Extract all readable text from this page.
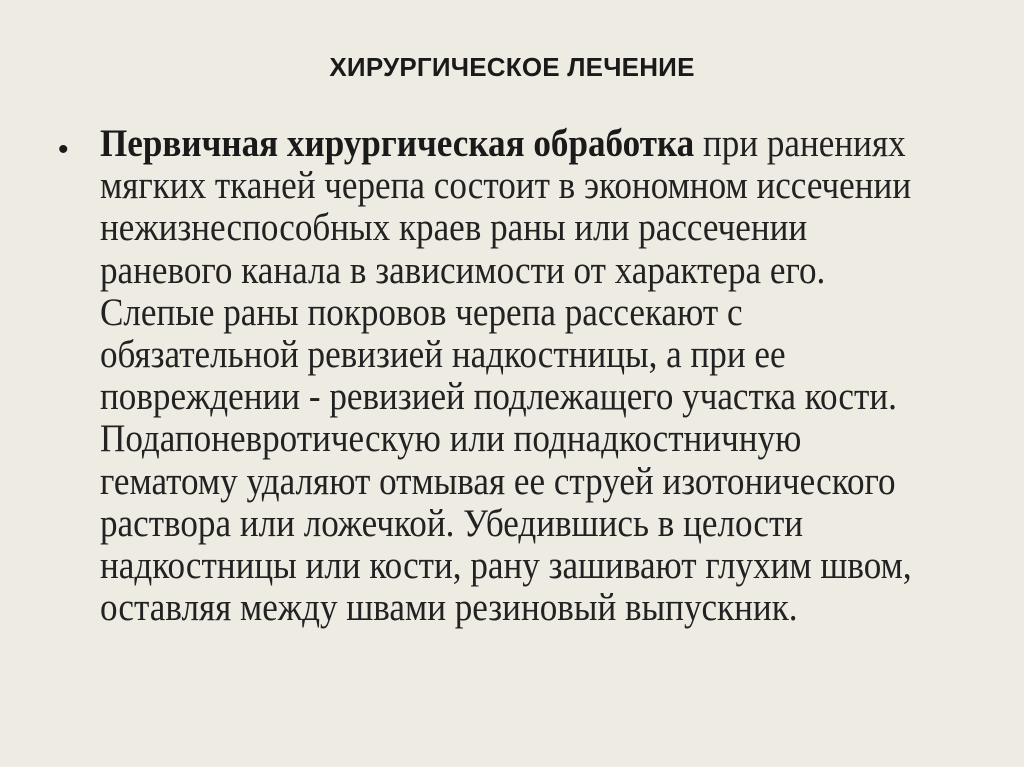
ХИРУРГИЧЕСКОЕ ЛЕЧЕНИЕ
• Первичная хирургическая обработка при ранениях мягких тканей черепа состоит в экономном иссечении нежизнеспособных краев раны или рассечении раневого канала в зависимости от характера его. Слепые раны покровов черепа рассекают с обязательной ревизией надкостницы, а при ее повреждении - ревизией подлежащего участка кости. Подапоневротическую или поднадкостничную гематому удаляют отмывая ее струей изотонического раствора или ложечкой. Убедившись в целости надкостницы или кости, рану зашивают глухим швом, оставляя между швами резиновый выпускник.
